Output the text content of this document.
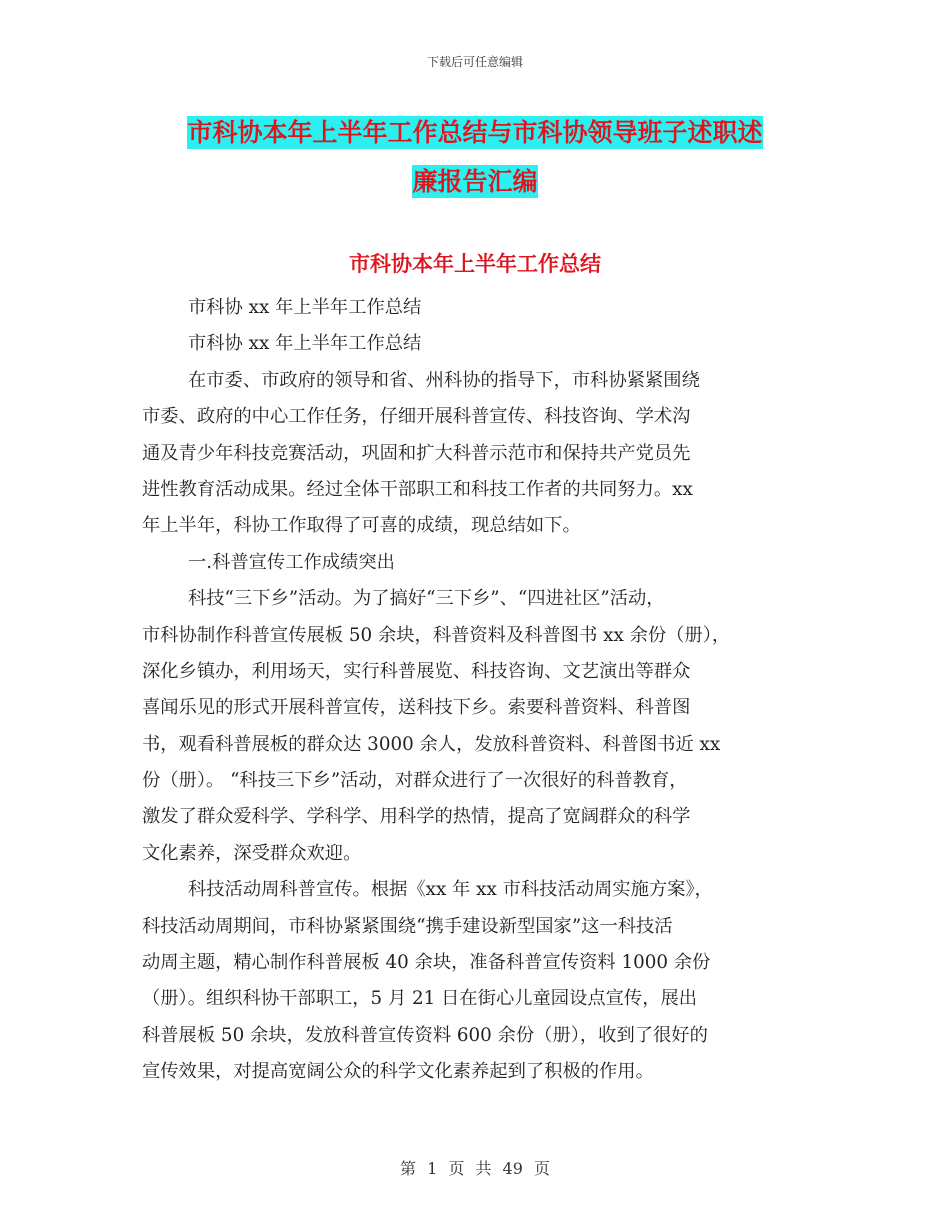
下载后可任意编辑
市科协本年上半年工作总结与市科协领导班子述职述
廉报告汇编
市科协本年上半年工作总结
市科协 xx 年上半年工作总结
市科协 xx 年上半年工作总结
在市委、市政府的领导和省、州科协的指导下，市科协紧紧围绕
市委、政府的中心工作任务，仔细开展科普宣传、科技咨询、学术沟
通及青少年科技竞赛活动，巩固和扩大科普示范市和保持共产党员先
进性教育活动成果。经过全体干部职工和科技工作者的共同努力。xx
年上半年，科协工作取得了可喜的成绩，现总结如下。
一.科普宣传工作成绩突出
科技“三下乡”活动。为了搞好“三下乡”、“四进社区”活动，
市科协制作科普宣传展板 50 余块，科普资料及科普图书 xx 余份（册），
深化乡镇办，利用场天，实行科普展览、科技咨询、文艺演出等群众
喜闻乐见的形式开展科普宣传，送科技下乡。索要科普资料、科普图
书，观看科普展板的群众达 3000 余人，发放科普资料、科普图书近 xx
份（册）。 “科技三下乡”活动，对群众进行了一次很好的科普教育，
激发了群众爱科学、学科学、用科学的热情，提高了宽阔群众的科学
文化素养，深受群众欢迎。
科技活动周科普宣传。根据《xx 年 xx 市科技活动周实施方案》，
科技活动周期间，市科协紧紧围绕“携手建设新型国家”这一科技活
动周主题，精心制作科普展板 40 余块，准备科普宣传资料 1000 余份
（册）。组织科协干部职工，5 月 21 日在街心儿童园设点宣传，展出
科普展板 50 余块，发放科普宣传资料 600 余份（册），收到了很好的
宣传效果，对提高宽阔公众的科学文化素养起到了积极的作用。
第 1 页 共 49 页
